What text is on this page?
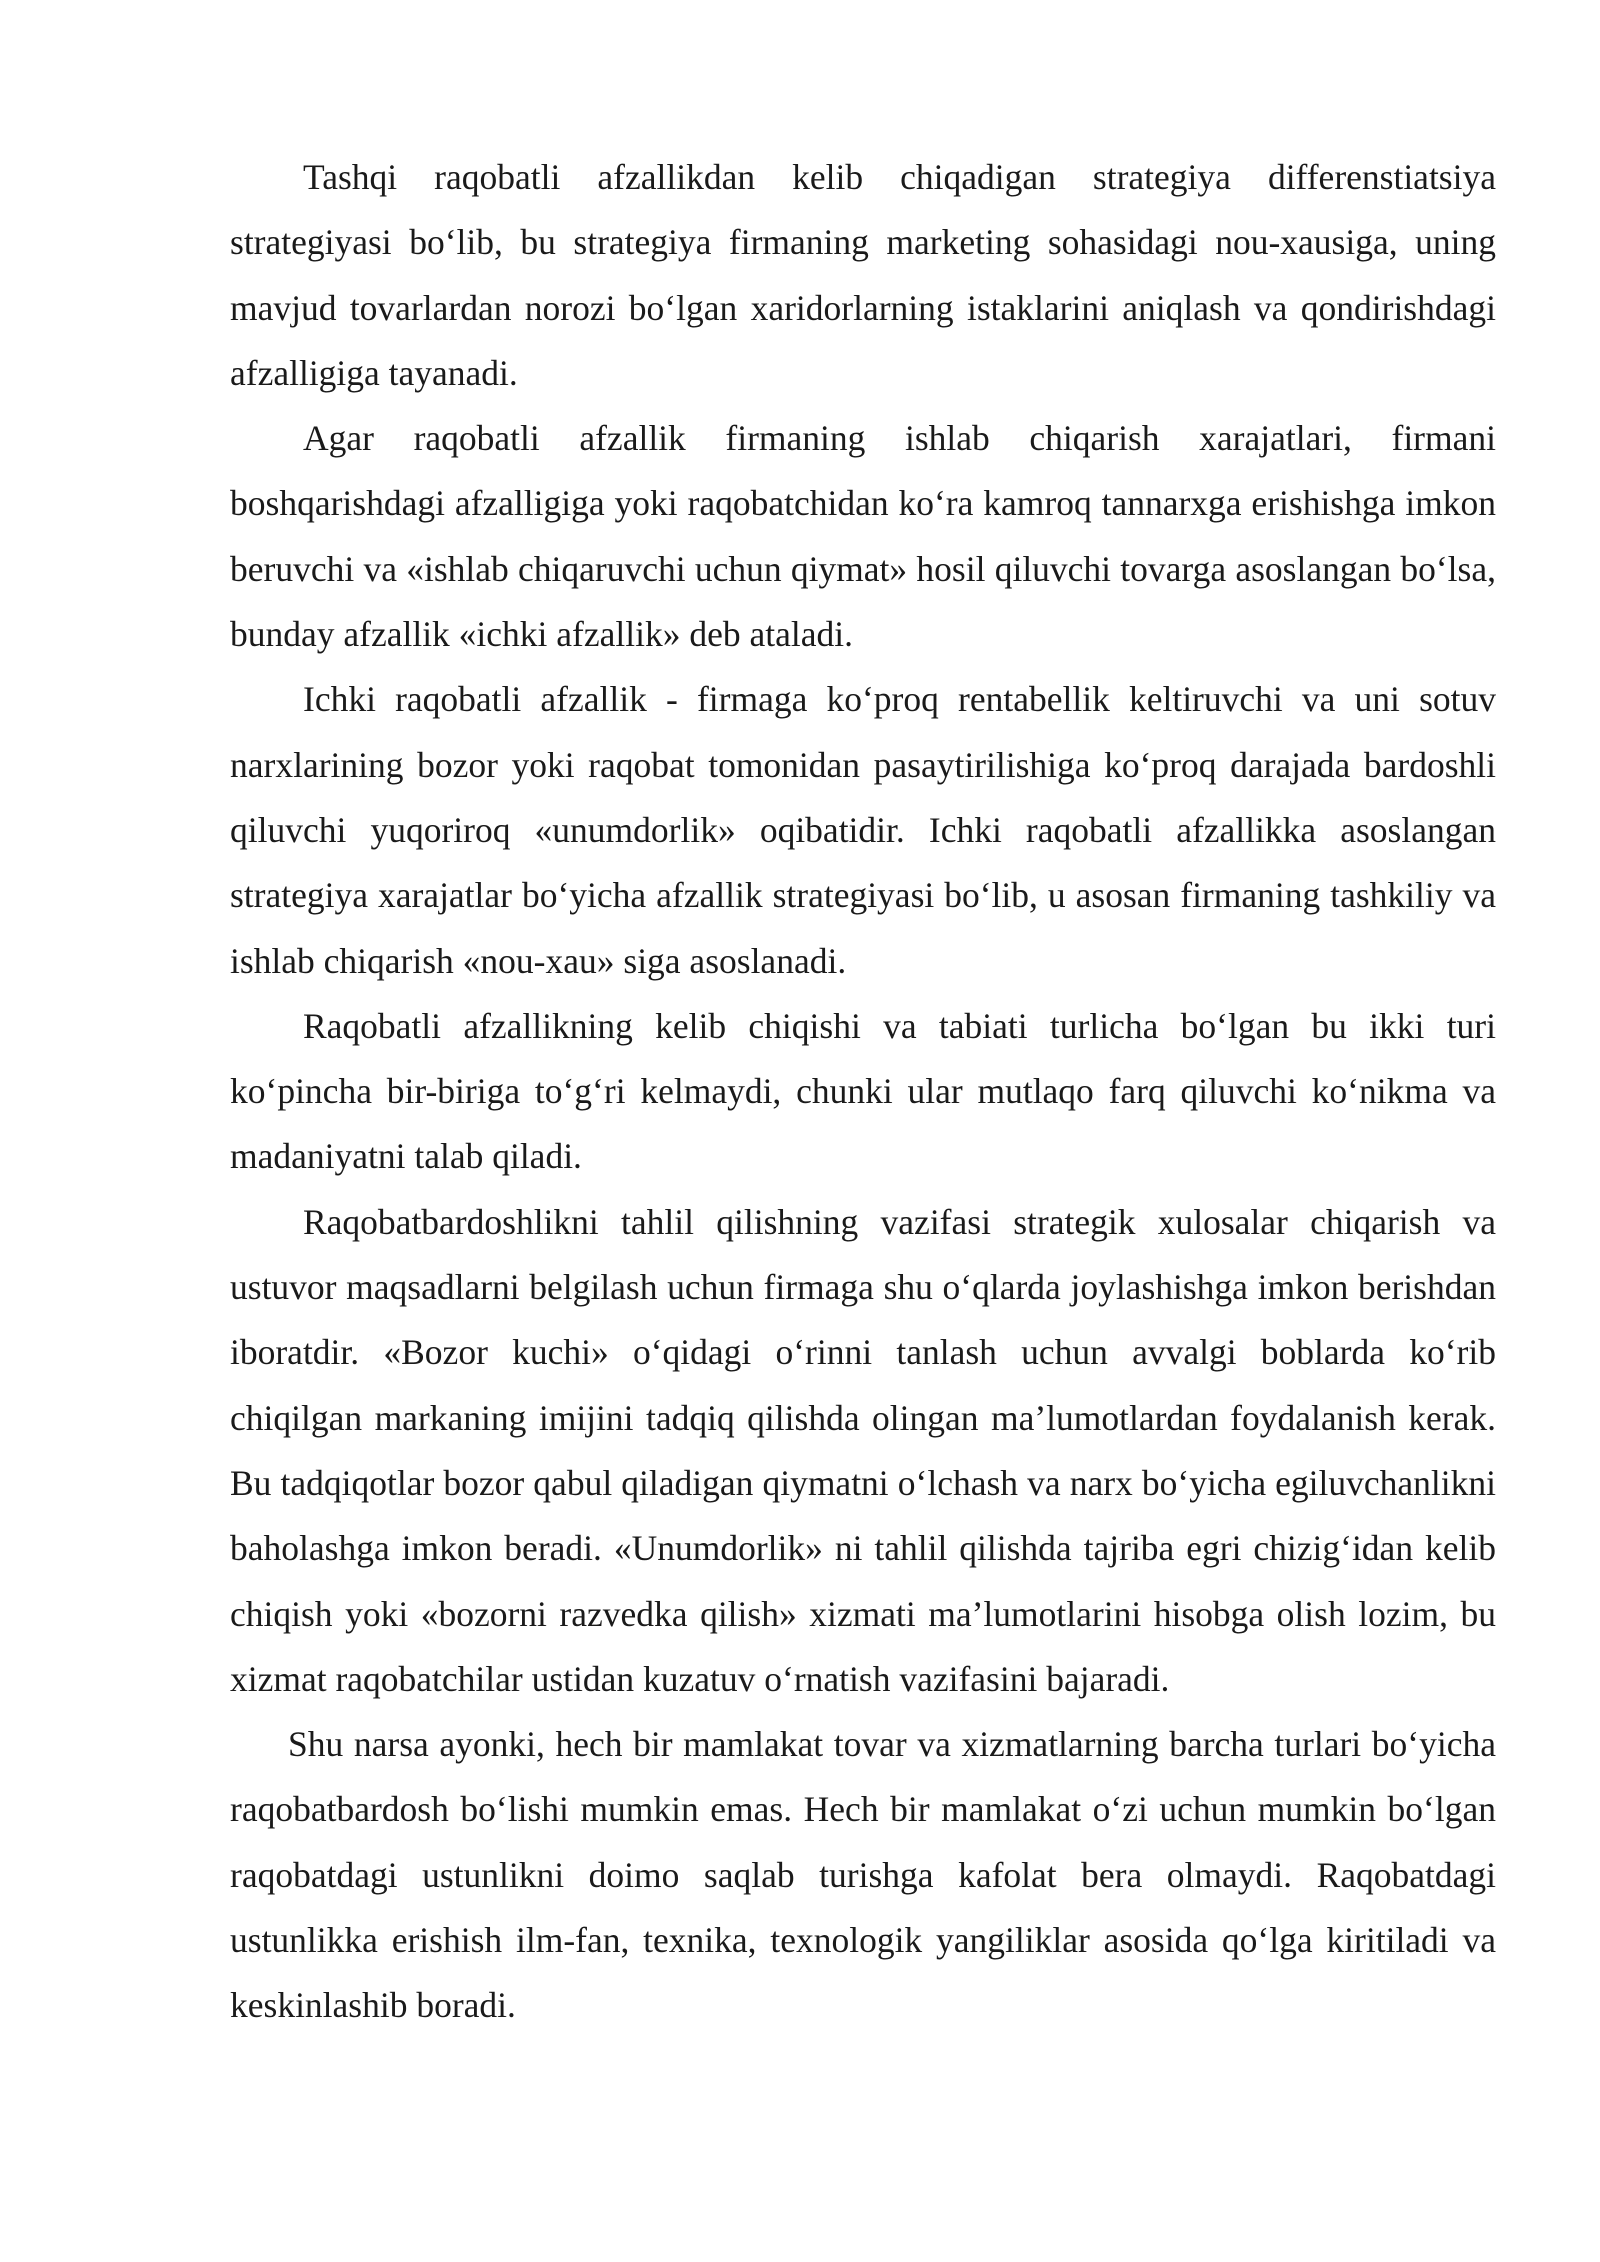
Tashqi raqobatli afzallikdan kelib chiqadigan strategiya differenstiatsiya strategiyasi bo‘lib, bu strategiya firmaning marketing sohasidagi nou-xausiga, uning mavjud tovarlardan norozi bo‘lgan xaridorlarning istaklarini aniqlash va qondirishdagi afzalligiga tayanadi.

Agar raqobatli afzallik firmaning ishlab chiqarish xarajatlari, firmani boshqarishdagi afzalligiga yoki raqobatchidan ko‘ra kamroq tannarxga erishishga imkon beruvchi va «ishlab chiqaruvchi uchun qiymat» hosil qiluvchi tovarga asoslangan bo‘lsa, bunday afzallik «ichki afzallik» deb ataladi.

Ichki raqobatli afzallik - firmaga ko‘proq rentabellik keltiruvchi va uni sotuv narxlarining bozor yoki raqobat tomonidan pasaytirilishiga ko‘proq darajada bardoshli qiluvchi yuqoriroq «unumdorlik» oqibatidir. Ichki raqobatli afzallikka asoslangan strategiya xarajatlar bo‘yicha afzallik strategiyasi bo‘lib, u asosan firmaning tashkiliy va ishlab chiqarish «nou-xau» siga asoslanadi.

Raqobatli afzallikning kelib chiqishi va tabiati turlicha bo‘lgan bu ikki turi ko‘pincha bir-biriga to‘g‘ri kelmaydi, chunki ular mutlaqo farq qiluvchi ko‘nikma va madaniyatni talab qiladi.

Raqobatbardoshlikni tahlil qilishning vazifasi strategik xulosalar chiqarish va ustuvor maqsadlarni belgilash uchun firmaga shu o‘qlarda joylashishga imkon berishdan iboratdir. «Bozor kuchi» o‘qidagi o‘rinni tanlash uchun avvalgi boblarda ko‘rib chiqilgan markaning imijini tadqiq qilishda olingan ma’lumotlardan foydalanish kerak. Bu tadqiqotlar bozor qabul qiladigan qiymatni o‘lchash va narx bo‘yicha egiluvchanlikni baholashga imkon beradi. «Unumdorlik» ni tahlil qilishda tajriba egri chizig‘idan kelib chiqish yoki «bozorni razvedka qilish» xizmati ma’lumotlarini hisobga olish lozim, bu xizmat raqobatchilar ustidan kuzatuv o‘rnatish vazifasini bajaradi.

Shu narsa ayonki, hech bir mamlakat tovar va xizmatlarning barcha turlari bo‘yicha raqobatbardosh bo‘lishi mumkin emas. Hech bir mamlakat o‘zi uchun mumkin bo‘lgan raqobatdagi ustunlikni doimo saqlab turishga kafolat bera olmaydi. Raqobatdagi ustunlikka erishish ilm-fan, texnika, texnologik yangiliklar asosida qo‘lga kiritiladi va keskinlashib boradi.
